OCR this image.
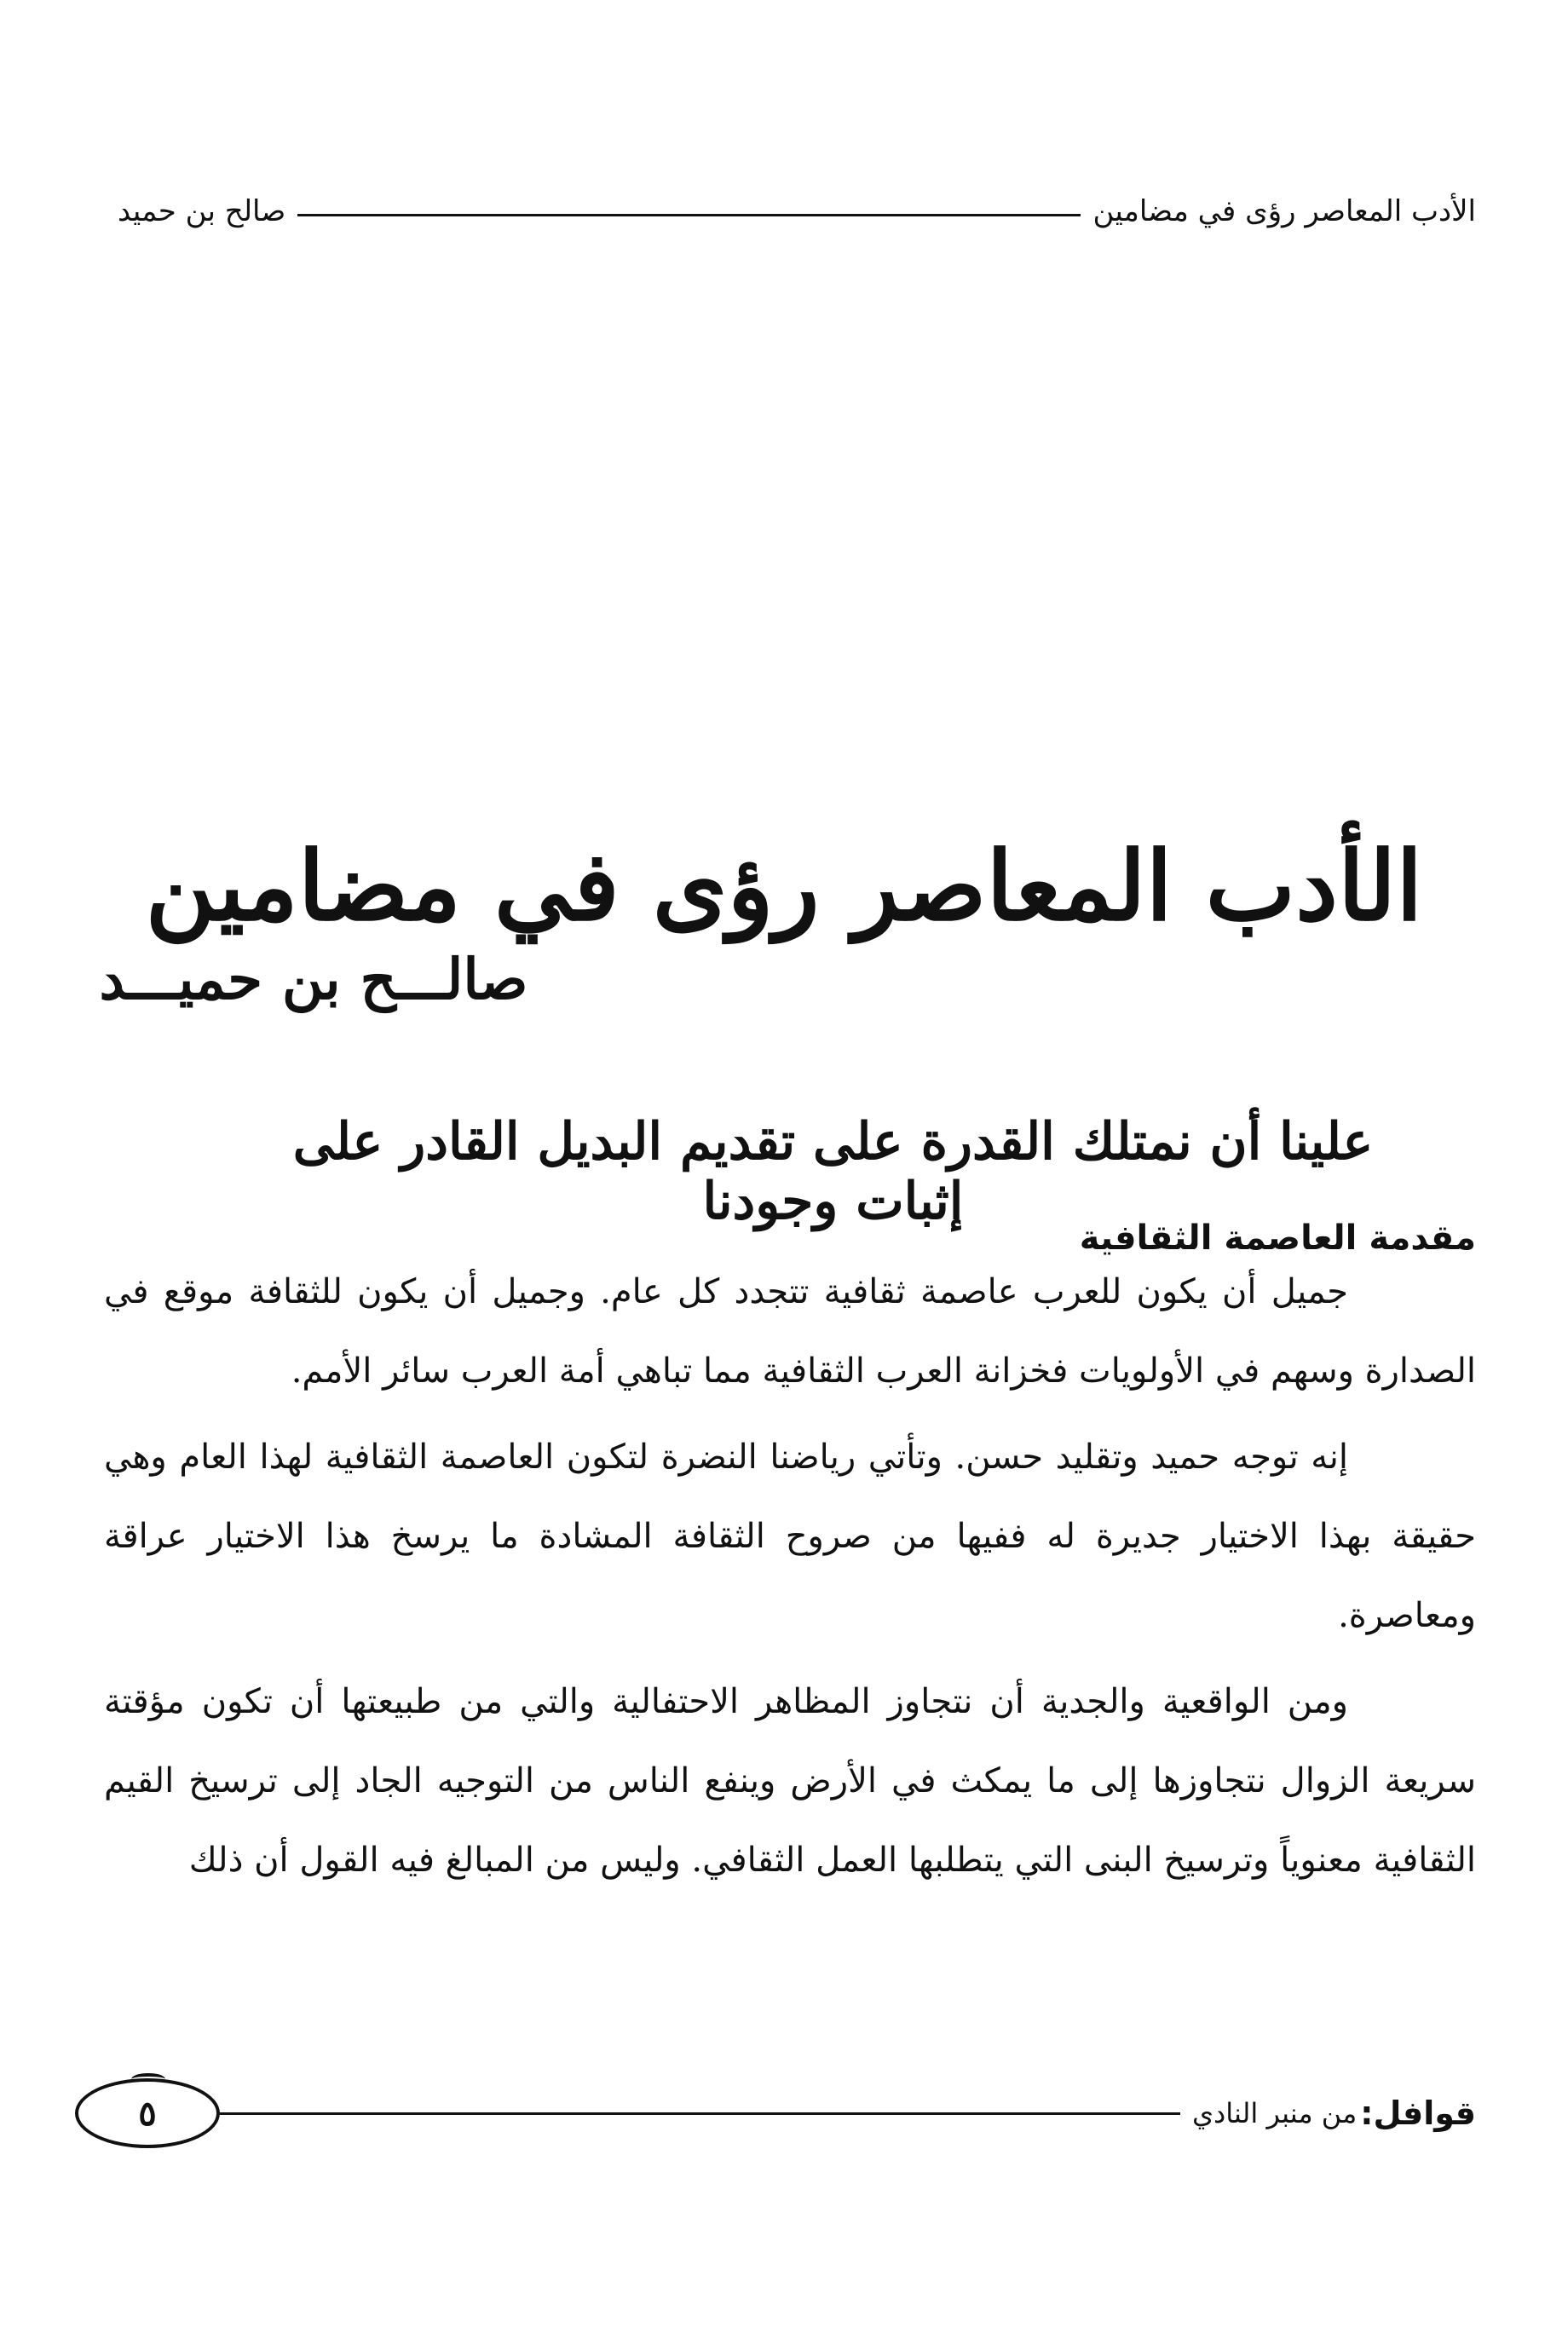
الأدب المعاصر رؤى في مضامين
صالح بن حميد
الأدب المعاصر رؤى في مضامين
صالـــح بن حميـــد
علينا أن نمتلك القدرة على تقديم البديل القادر على إثبات وجودنا
مقدمة العاصمة الثقافية

جميل أن يكون للعرب عاصمة ثقافية تتجدد كل عام. وجميل أن يكون للثقافة موقع في الصدارة وسهم في الأولويات فخزانة العرب الثقافية مما تباهي أمة العرب سائر الأمم.

إنه توجه حميد وتقليد حسن. وتأتي رياضنا النضرة لتكون العاصمة الثقافية لهذا العام وهي حقيقة بهذا الاختيار جديرة له ففيها من صروح الثقافة المشادة ما يرسخ هذا الاختيار عراقة ومعاصرة.

ومن الواقعية والجدية أن نتجاوز المظاهر الاحتفالية والتي من طبيعتها أن تكون مؤقتة سريعة الزوال نتجاوزها إلى ما يمكث في الأرض وينفع الناس من التوجيه الجاد إلى ترسيخ القيم الثقافية معنوياً وترسيخ البنى التي يتطلبها العمل الثقافي. وليس من المبالغ فيه القول أن ذلك

قوافل:
من منبر النادي
٥
